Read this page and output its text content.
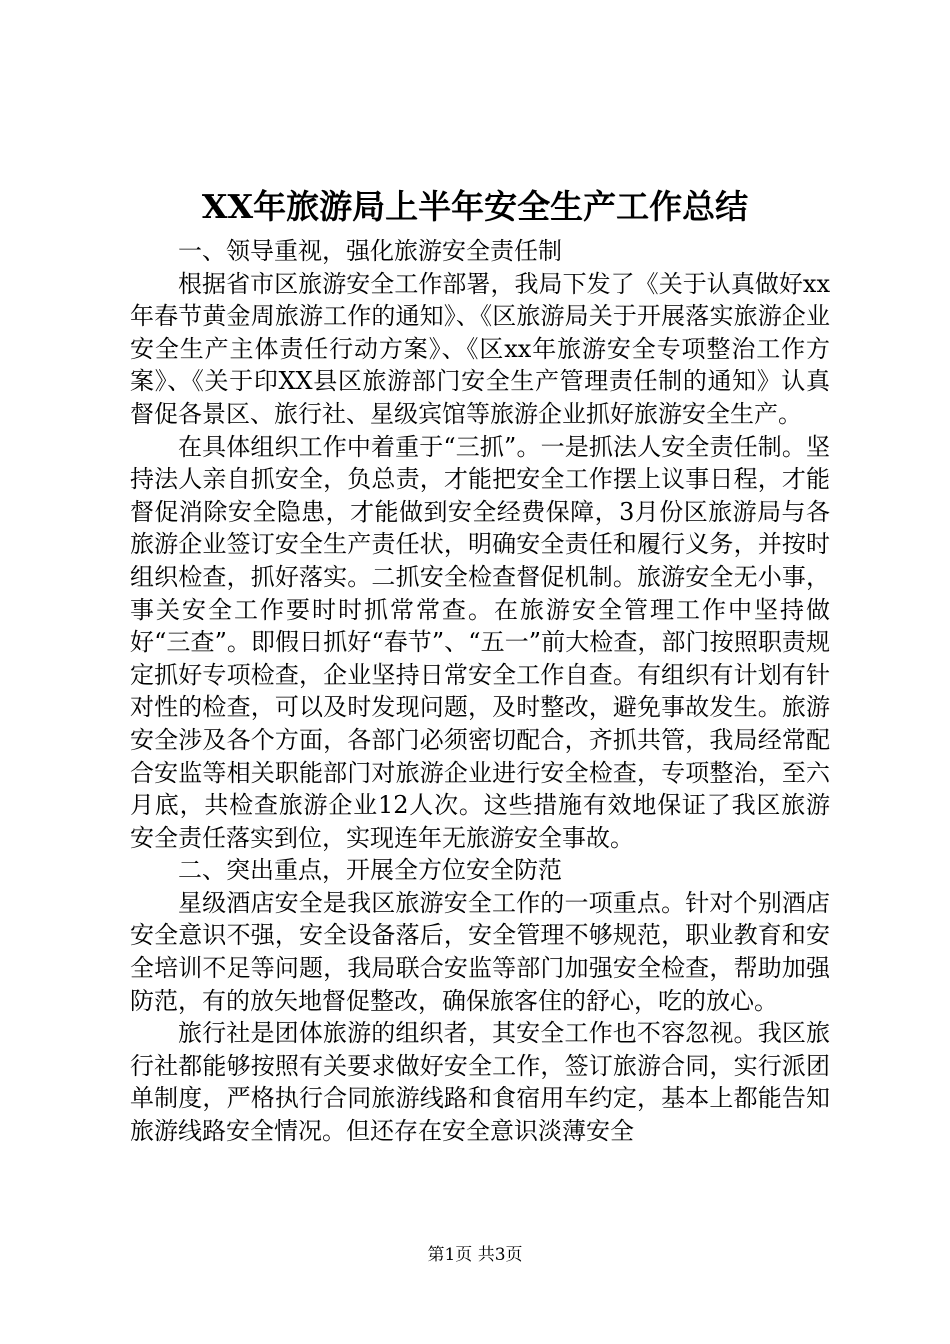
XX年旅游局上半年安全生产工作总结

一、领导重视，强化旅游安全责任制

根据省市区旅游安全工作部署，我局下发了《关于认真做好xx年春节黄金周旅游工作的通知》、《区旅游局关于开展落实旅游企业安全生产主体责任行动方案》、《区xx年旅游安全专项整治工作方案》、《关于印XX县区旅游部门安全生产管理责任制的通知》认真督促各景区、旅行社、星级宾馆等旅游企业抓好旅游安全生产。

在具体组织工作中着重于“三抓”。一是抓法人安全责任制。坚持法人亲自抓安全，负总责，才能把安全工作摆上议事日程，才能督促消除安全隐患，才能做到安全经费保障，3月份区旅游局与各旅游企业签订安全生产责任状，明确安全责任和履行义务，并按时组织检查，抓好落实。二抓安全检查督促机制。旅游安全无小事，事关安全工作要时时抓常常查。在旅游安全管理工作中坚持做好“三查”。即假日抓好“春节”、“五一”前大检查，部门按照职责规定抓好专项检查，企业坚持日常安全工作自查。有组织有计划有针对性的检查，可以及时发现问题，及时整改，避免事故发生。旅游安全涉及各个方面，各部门必须密切配合，齐抓共管，我局经常配合安监等相关职能部门对旅游企业进行安全检查，专项整治，至六月底，共检查旅游企业12人次。这些措施有效地保证了我区旅游安全责任落实到位，实现连年无旅游安全事故。

二、突出重点，开展全方位安全防范

星级酒店安全是我区旅游安全工作的一项重点。针对个别酒店安全意识不强，安全设备落后，安全管理不够规范，职业教育和安全培训不足等问题，我局联合安监等部门加强安全检查，帮助加强防范，有的放矢地督促整改，确保旅客住的舒心，吃的放心。

旅行社是团体旅游的组织者，其安全工作也不容忽视。我区旅行社都能够按照有关要求做好安全工作，签订旅游合同，实行派团单制度，严格执行合同旅游线路和食宿用车约定，基本上都能告知旅游线路安全情况。但还存在安全意识淡薄安全

第1页 共3页
